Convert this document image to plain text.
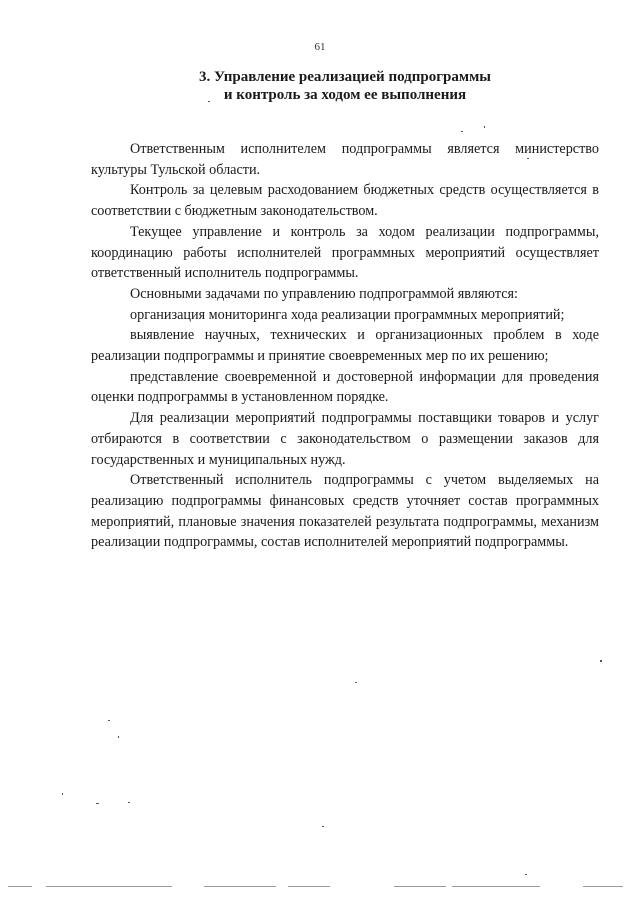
61
3. Управление реализацией подпрограммы
и контроль за ходом ее выполнения

Ответственным исполнителем подпрограммы является министерство культуры Тульской области.

Контроль за целевым расходованием бюджетных средств осуществляется в соответствии с бюджетным законодательством.

Текущее управление и контроль за ходом реализации подпрограммы, координацию работы исполнителей программных мероприятий осуществляет ответственный исполнитель подпрограммы.

Основными задачами по управлению подпрограммой являются:

организация мониторинга хода реализации программных мероприятий;

выявление научных, технических и организационных проблем в ходе реализации подпрограммы и принятие своевременных мер по их решению;

представление своевременной и достоверной информации для проведения оценки подпрограммы в установленном порядке.

Для реализации мероприятий подпрограммы поставщики товаров и услуг отбираются в соответствии с законодательством о размещении заказов для государственных и муниципальных нужд.

Ответственный исполнитель подпрограммы с учетом выделяемых на реализацию подпрограммы финансовых средств уточняет состав программных мероприятий, плановые значения показателей результата подпрограммы, механизм реализации подпрограммы, состав исполнителей мероприятий подпрограммы.
